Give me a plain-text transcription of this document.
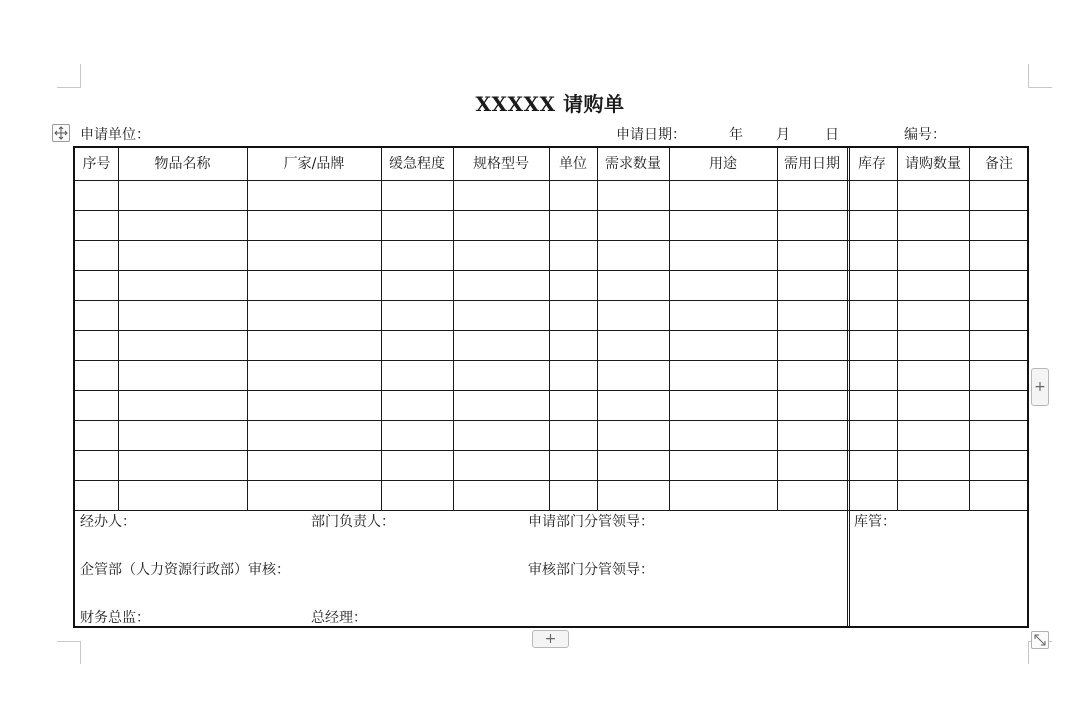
XXXXX 请购单
申请单位：	申请日期：	年 月	日	编号：
序号	物品名称	厂家/品牌	缓急程度	规格型号	单位	需求数量	用途	需用日期	库存	请购数量	备注
经办人：	部门负责人：	申请部门分管领导：	库管：
企管部（人力资源行政部）审核：	审核部门分管领导：
财务总监：	总经理：
+
+
